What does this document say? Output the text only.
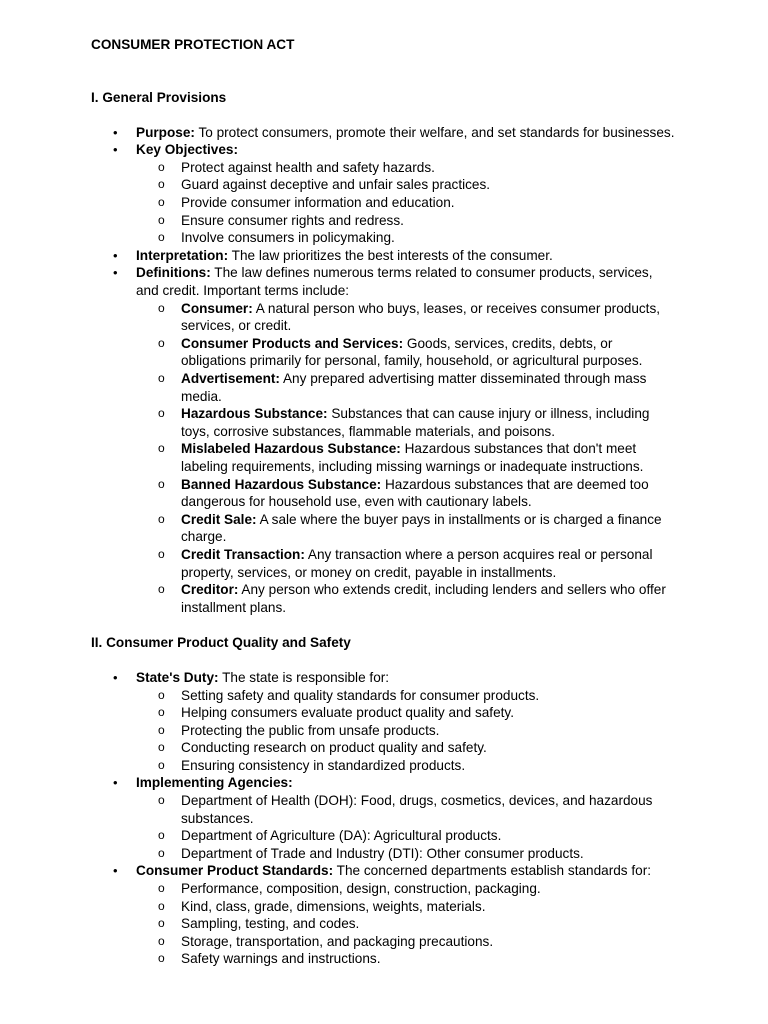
CONSUMER PROTECTION ACT
I. General Provisions
• Purpose: To protect consumers, promote their welfare, and set standards for businesses.
• Key Objectives:
o Protect against health and safety hazards.
o Guard against deceptive and unfair sales practices.
o Provide consumer information and education.
o Ensure consumer rights and redress.
o Involve consumers in policymaking.
• Interpretation: The law prioritizes the best interests of the consumer.
• Definitions: The law defines numerous terms related to consumer products, services, and credit. Important terms include:
o Consumer: A natural person who buys, leases, or receives consumer products, services, or credit.
o Consumer Products and Services: Goods, services, credits, debts, or obligations primarily for personal, family, household, or agricultural purposes.
o Advertisement: Any prepared advertising matter disseminated through mass media.
o Hazardous Substance: Substances that can cause injury or illness, including toys, corrosive substances, flammable materials, and poisons.
o Mislabeled Hazardous Substance: Hazardous substances that don't meet labeling requirements, including missing warnings or inadequate instructions.
o Banned Hazardous Substance: Hazardous substances that are deemed too dangerous for household use, even with cautionary labels.
o Credit Sale: A sale where the buyer pays in installments or is charged a finance charge.
o Credit Transaction: Any transaction where a person acquires real or personal property, services, or money on credit, payable in installments.
o Creditor: Any person who extends credit, including lenders and sellers who offer installment plans.
II. Consumer Product Quality and Safety
• State's Duty: The state is responsible for:
o Setting safety and quality standards for consumer products.
o Helping consumers evaluate product quality and safety.
o Protecting the public from unsafe products.
o Conducting research on product quality and safety.
o Ensuring consistency in standardized products.
• Implementing Agencies:
o Department of Health (DOH): Food, drugs, cosmetics, devices, and hazardous substances.
o Department of Agriculture (DA): Agricultural products.
o Department of Trade and Industry (DTI): Other consumer products.
• Consumer Product Standards: The concerned departments establish standards for:
o Performance, composition, design, construction, packaging.
o Kind, class, grade, dimensions, weights, materials.
o Sampling, testing, and codes.
o Storage, transportation, and packaging precautions.
o Safety warnings and instructions.
